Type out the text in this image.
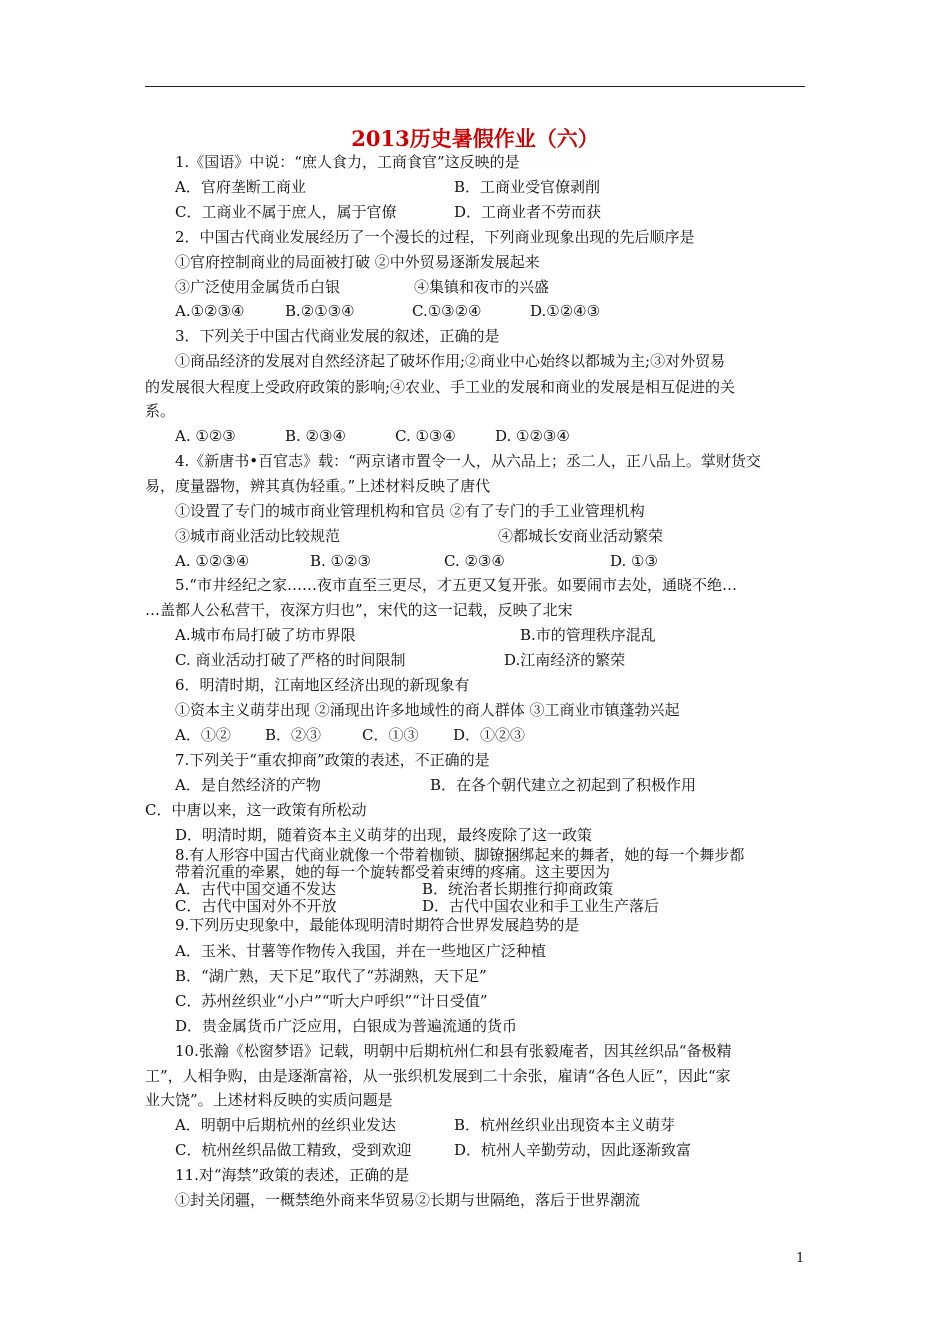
2013历史暑假作业（六）
1.《国语》中说：“庶人食力，工商食官”这反映的是
A．官府垄断工商业	B．工商业受官僚剥削
C．工商业不属于庶人，属于官僚	D．工商业者不劳而获
2．中国古代商业发展经历了一个漫长的过程，下列商业现象出现的先后顺序是
①官府控制商业的局面被打破 ②中外贸易逐渐发展起来
③广泛使用金属货币白银	④集镇和夜市的兴盛
A.①②③④	B.②①③④	C.①③②④	D.①②④③
3．下列关于中国古代商业发展的叙述，正确的是
①商品经济的发展对自然经济起了破坏作用;②商业中心始终以都城为主;③对外贸易
的发展很大程度上受政府政策的影响;④农业、手工业的发展和商业的发展是相互促进的关
系。
A. ①②③	B. ②③④	C. ①③④	D. ①②③④
4.《新唐书•百官志》载：“两京诸市置令一人，从六品上；丞二人，正八品上。掌财货交
易，度量器物，辨其真伪轻重。”上述材料反映了唐代
①设置了专门的城市商业管理机构和官员 ②有了专门的手工业管理机构
③城市商业活动比较规范	④都城长安商业活动繁荣
A. ①②③④	B. ①②③	C. ②③④	D. ①③
5.“市井经纪之家……夜市直至三更尽，才五更又复开张。如要闹市去处，通晓不绝…
…盖都人公私营干，夜深方归也”，宋代的这一记载，反映了北宋
A.城市布局打破了坊市界限	B.市的管理秩序混乱
C. 商业活动打破了严格的时间限制	D.江南经济的繁荣
6．明清时期，江南地区经济出现的新现象有
①资本主义萌芽出现 ②涌现出许多地域性的商人群体 ③工商业市镇蓬勃兴起
A．①② B．②③	C．①③ D．①②③
7.下列关于“重农抑商”政策的表述，不正确的是
A．是自然经济的产物	B．在各个朝代建立之初起到了积极作用
C．中唐以来，这一政策有所松动
D．明清时期，随着资本主义萌芽的出现，最终废除了这一政策
8.有人形容中国古代商业就像一个带着枷锁、脚镣捆绑起来的舞者，她的每一个舞步都
带着沉重的牵累，她的每一个旋转都受着束缚的疼痛。这主要因为
A．古代中国交通不发达	B．统治者长期推行抑商政策
C．古代中国对外不开放	D．古代中国农业和手工业生产落后
9.下列历史现象中，最能体现明清时期符合世界发展趋势的是
A．玉米、甘薯等作物传入我国，并在一些地区广泛种植
B．“湖广熟，天下足”取代了“苏湖熟，天下足”
C．苏州丝织业“小户”“听大户呼织”“计日受值”
D．贵金属货币广泛应用，白银成为普遍流通的货币
10.张瀚《松窗梦语》记载，明朝中后期杭州仁和县有张毅庵者，因其丝织品“备极精
工”，人相争购，由是逐渐富裕，从一张织机发展到二十余张，雇请“各色人匠”，因此“家
业大饶”。上述材料反映的实质问题是
A．明朝中后期杭州的丝织业发达	B．杭州丝织业出现资本主义萌芽
C．杭州丝织品做工精致，受到欢迎	D．杭州人辛勤劳动，因此逐渐致富
11.对“海禁”政策的表述，正确的是
①封关闭疆，一概禁绝外商来华贸易②长期与世隔绝，落后于世界潮流
1
